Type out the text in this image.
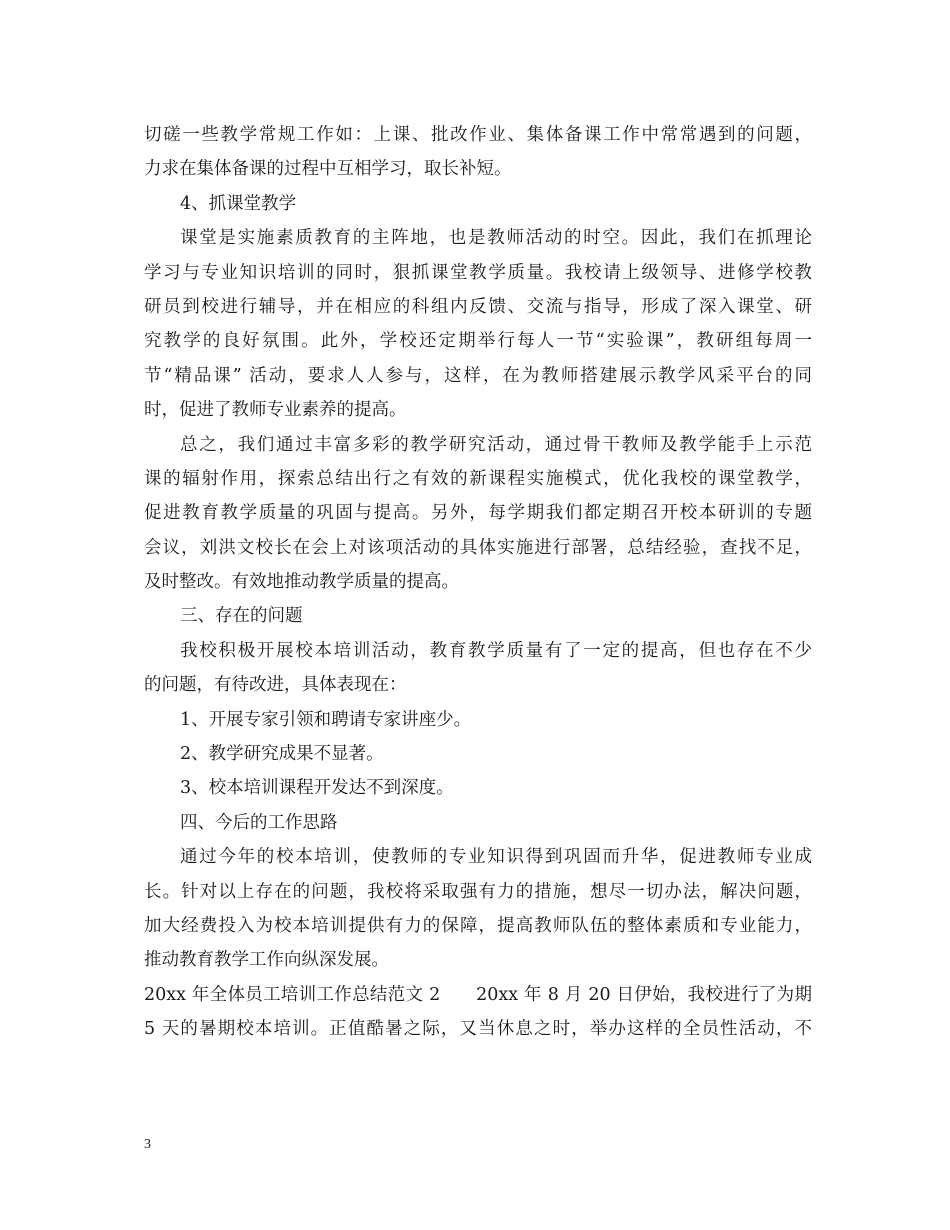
切磋一些教学常规工作如：上课、批改作业、集体备课工作中常常遇到的问题，
力求在集体备课的过程中互相学习，取长补短。
4、抓课堂教学
课堂是实施素质教育的主阵地，也是教师活动的时空。因此，我们在抓理论
学习与专业知识培训的同时，狠抓课堂教学质量。我校请上级领导、进修学校教
研员到校进行辅导，并在相应的科组内反馈、交流与指导，形成了深入课堂、研
究教学的良好氛围。此外，学校还定期举行每人一节“实验课”，教研组每周一
节“精品课” 活动，要求人人参与，这样，在为教师搭建展示教学风采平台的同
时，促进了教师专业素养的提高。
总之，我们通过丰富多彩的教学研究活动，通过骨干教师及教学能手上示范
课的辐射作用，探索总结出行之有效的新课程实施模式，优化我校的课堂教学，
促进教育教学质量的巩固与提高。另外，每学期我们都定期召开校本研训的专题
会议，刘洪文校长在会上对该项活动的具体实施进行部署，总结经验，查找不足，
及时整改。有效地推动教学质量的提高。
三、存在的问题
我校积极开展校本培训活动，教育教学质量有了一定的提高，但也存在不少
的问题，有待改进，具体表现在：
1、开展专家引领和聘请专家讲座少。
2、教学研究成果不显著。
3、校本培训课程开发达不到深度。
四、今后的工作思路
通过今年的校本培训，使教师的专业知识得到巩固而升华，促进教师专业成
长。针对以上存在的问题，我校将采取强有力的措施，想尽一切办法，解决问题，
加大经费投入为校本培训提供有力的保障，提高教师队伍的整体素质和专业能力，
推动教育教学工作向纵深发展。
20xx 年全体员工培训工作总结范文 2　　20xx 年 8 月 20 日伊始，我校进行了为期
5 天的暑期校本培训。正值酷暑之际，又当休息之时，举办这样的全员性活动，不
3
